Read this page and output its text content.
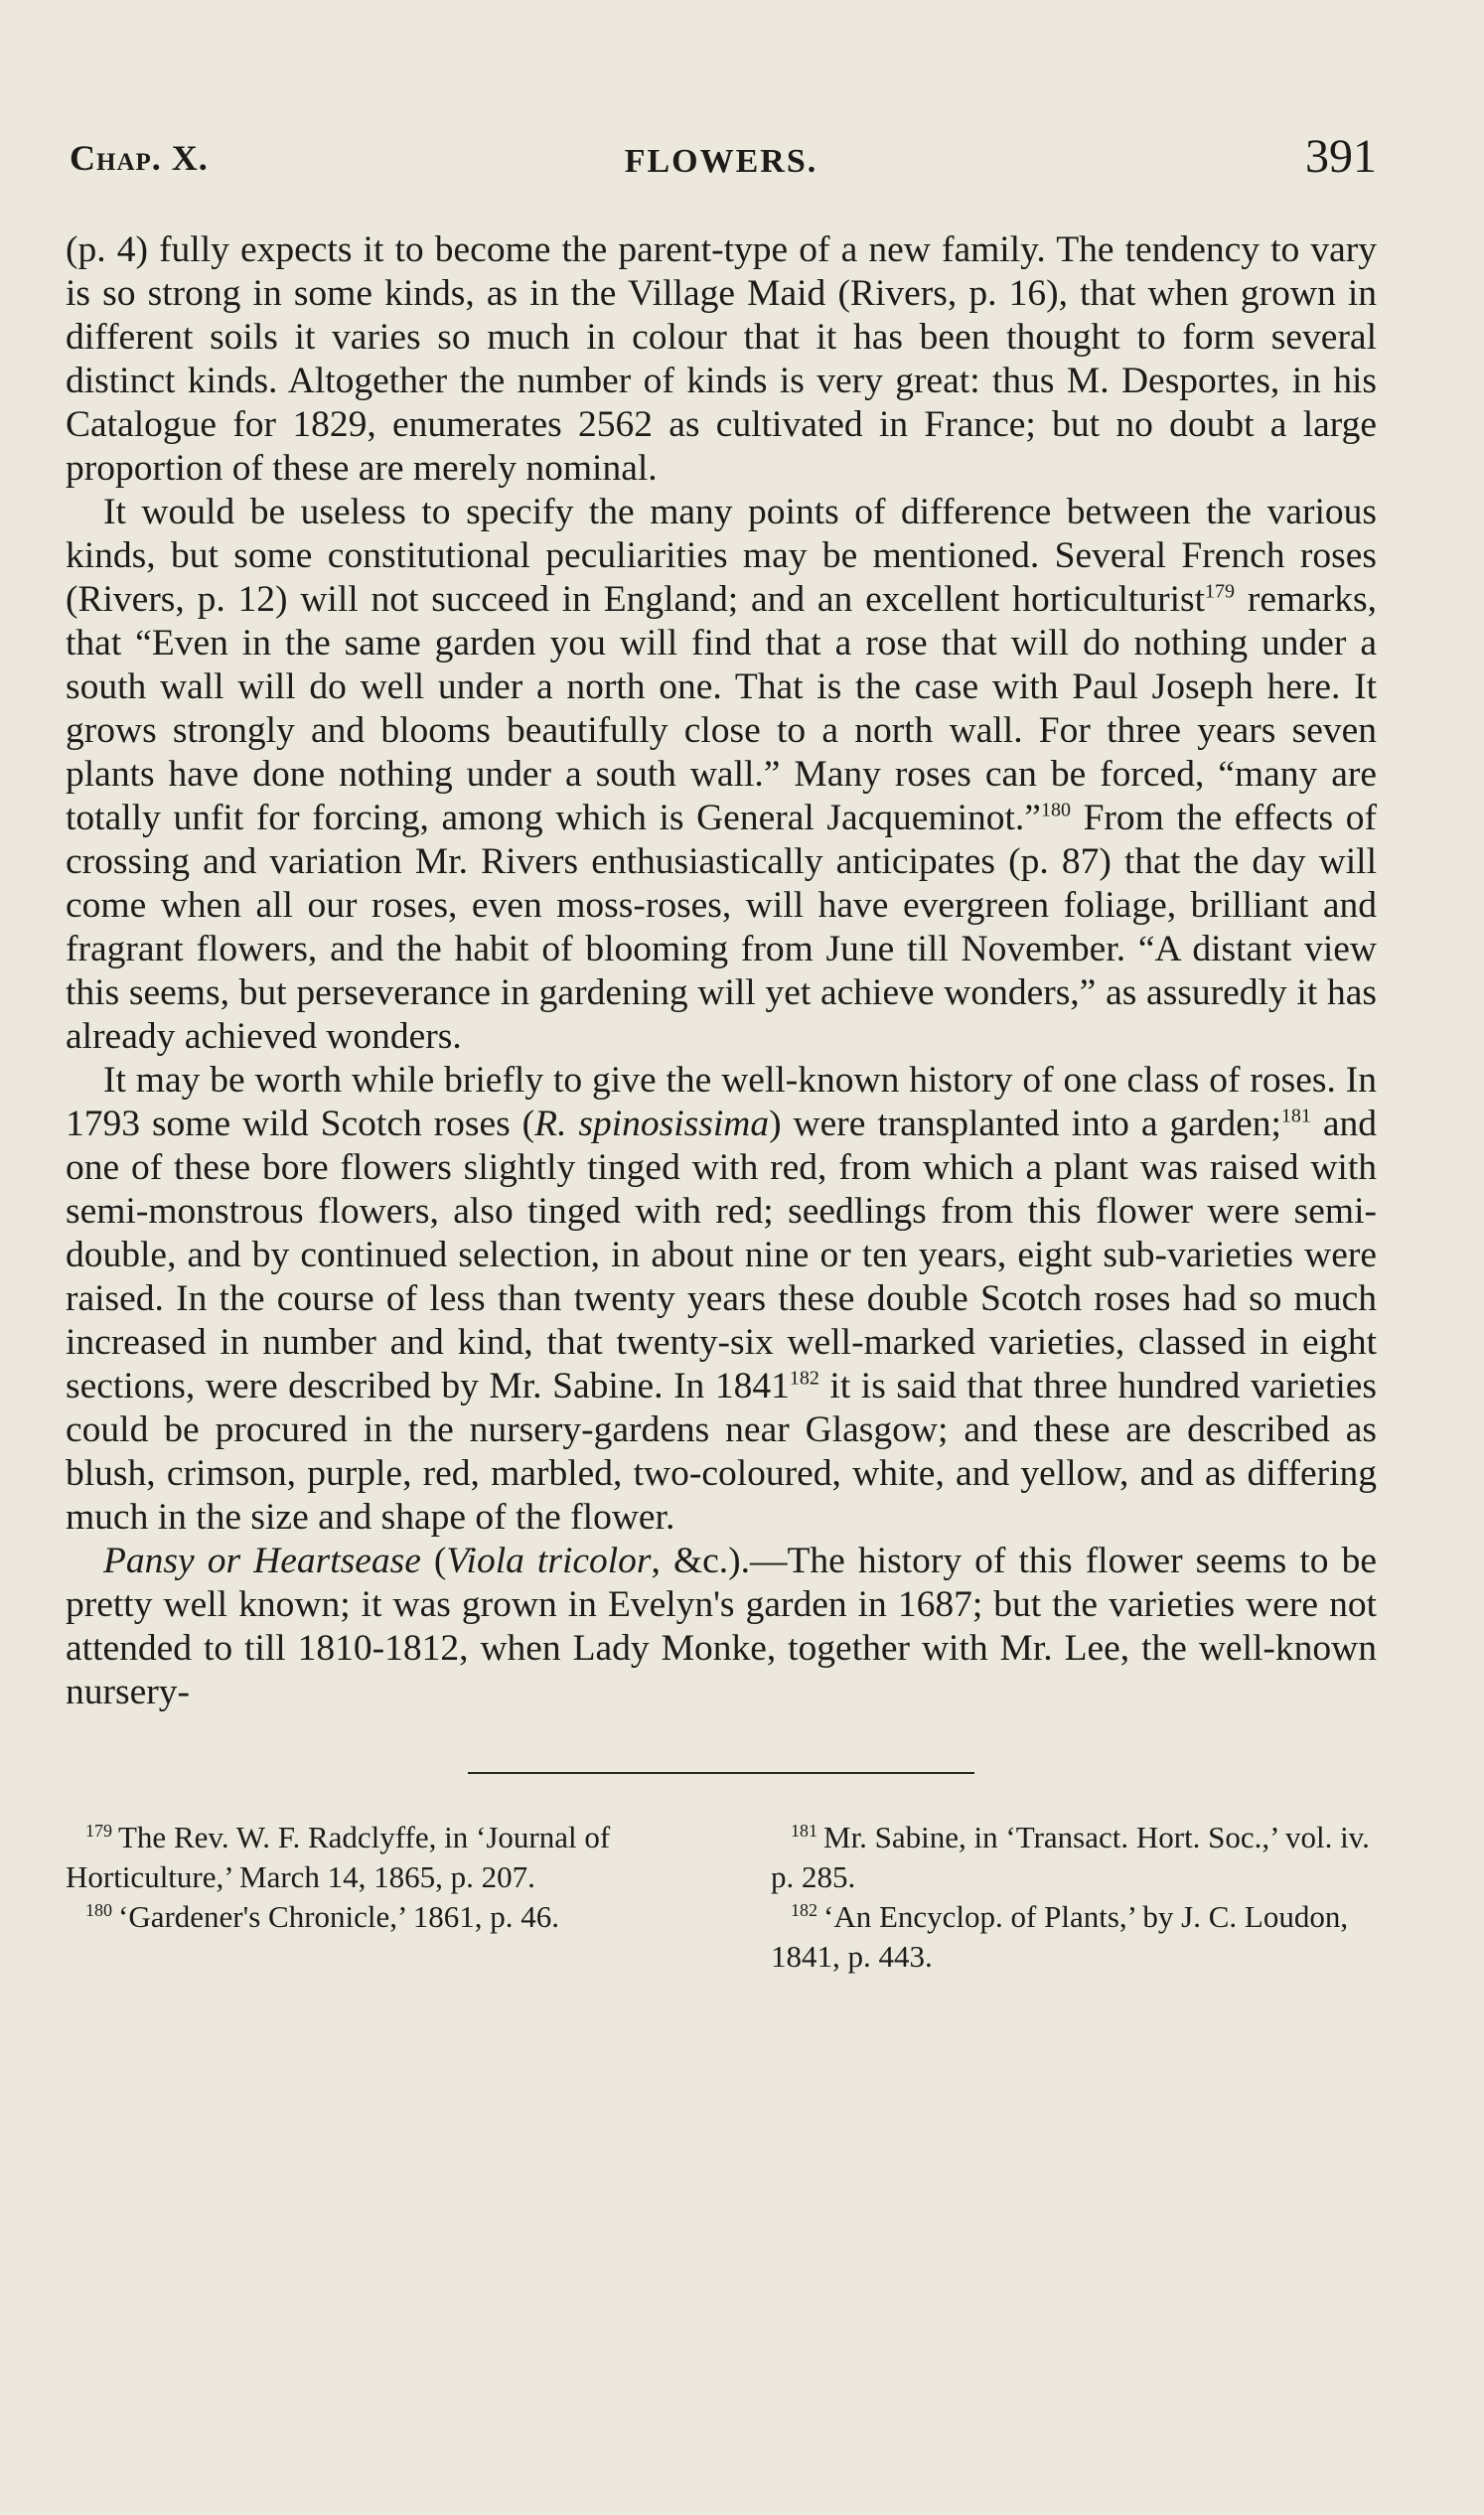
Chap. X.	FLOWERS.	391

(p. 4) fully expects it to become the parent-type of a new family. The tendency to vary is so strong in some kinds, as in the Village Maid (Rivers, p. 16), that when grown in different soils it varies so much in colour that it has been thought to form several distinct kinds. Altogether the number of kinds is very great: thus M. Desportes, in his Catalogue for 1829, enumerates 2562 as cultivated in France; but no doubt a large proportion of these are merely nominal.

It would be useless to specify the many points of difference between the various kinds, but some constitutional peculiarities may be mentioned. Several French roses (Rivers, p. 12) will not succeed in England; and an excellent horticulturist$^{179}$ remarks, that “Even in the same garden you will find that a rose that will do nothing under a south wall will do well under a north one. That is the case with Paul Joseph here. It grows strongly and blooms beautifully close to a north wall. For three years seven plants have done nothing under a south wall.” Many roses can be forced, “many are totally unfit for forcing, among which is General Jacqueminot.”$^{180}$ From the effects of crossing and variation Mr. Rivers enthusiastically anticipates (p. 87) that the day will come when all our roses, even moss-roses, will have evergreen foliage, brilliant and fragrant flowers, and the habit of blooming from June till November. “A distant view this seems, but perseverance in gardening will yet achieve wonders,” as assuredly it has already achieved wonders.

It may be worth while briefly to give the well-known history of one class of roses. In 1793 some wild Scotch roses (R. spinosissima) were transplanted into a garden;$^{181}$ and one of these bore flowers slightly tinged with red, from which a plant was raised with semi-monstrous flowers, also tinged with red; seedlings from this flower were semi-double, and by continued selection, in about nine or ten years, eight sub-varieties were raised. In the course of less than twenty years these double Scotch roses had so much increased in number and kind, that twenty-six well-marked varieties, classed in eight sections, were described by Mr. Sabine. In 1841$^{182}$ it is said that three hundred varieties could be procured in the nursery-gardens near Glasgow; and these are described as blush, crimson, purple, red, marbled, two-coloured, white, and yellow, and as differing much in the size and shape of the flower.

Pansy or Heartsease (Viola tricolor, &c.).—The history of this flower seems to be pretty well known; it was grown in Evelyn's garden in 1687; but the varieties were not attended to till 1810-1812, when Lady Monke, together with Mr. Lee, the well-known nursery-

$^{179}$ The Rev. W. F. Radclyffe, in ‘Journal of Horticulture,’ March 14, 1865, p. 207.

$^{180}$ ‘Gardener's Chronicle,’ 1861, p. 46.

$^{181}$ Mr. Sabine, in ‘Transact. Hort. Soc.,’ vol. iv. p. 285.

$^{182}$ ‘An Encyclop. of Plants,’ by J. C. Loudon, 1841, p. 443.
